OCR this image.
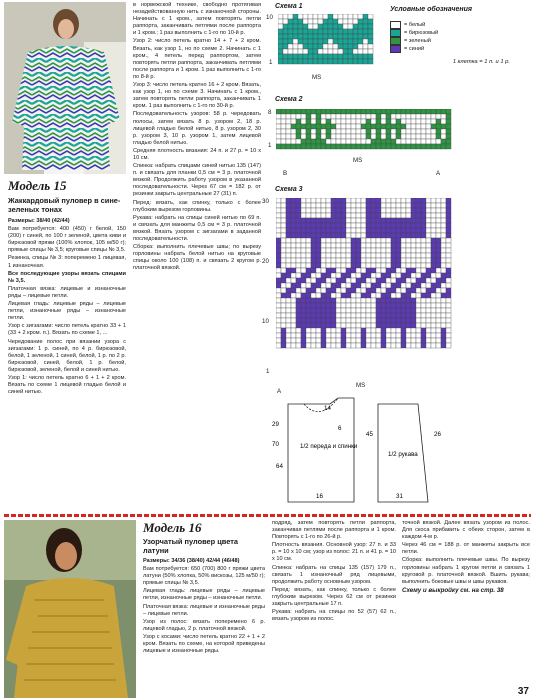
Модель 15
Жаккардовый пуловер в сине-зеленых тонах

Размеры: 38/40 (42/44)

Вам потребуется: 400 (450) г белой, 150 (200) г синей, по 100 г зеленой, цвета киви и бирюзовой пряжи (100% хлопок, 105 м/50 г); прямые спицы № 3,5; круговые спицы № 3,5.

Резинка, спицы № 3: поперемено 1 лицевая, 1 изнаночная.

Все последующие узоры вязать спицами № 3,5.

Платочная вязка: лицевые и изнаночные ряды – лицевые петли.

Лицевая гладь: лицевые ряды – лицевые петли, изнаночные ряды – изнаночные петли.

Узор с зигзагами: число петель кратно 33 + 1 (33 + 2 кром. п.). Вязать по схеме 1, ...

Чередование полос при вязании узора с зигзагами: 1 р. синей, по 4 р. бирюзовой, белой, 1 зеленой, 1 синей, белой, 1 р. по 2 р. бирюзовой, синей, белой, 1 р. белой, бирюзовой, зеленой, белой и синей нитью.

Узор 1: число петель кратно 6 + 1 + 2 кром. Вязать по схеме 1 лицевой гладью белой и синей нитью.

в норвежской технике, свободно протягивая незадействованную нить с изнаночной стороны. Начинать с 1 кром., затем повторять петли раппорта, заканчивать петлями после раппорта и 1 кром.; 1 раз выполнить с 1-го по 10-й р.

Узор 2: число петель кратно 14 + 7 + 2 кром. Вязать, как узор 1, но по схеме 2. Начинать с 1 кром., 4 петель перед раппортом, затем повторять петли раппорта, заканчивать петлями после раппорта и 1 кром. 1 раз выполнить с 1-го по 8-й р.

Узор 3: число петель кратно 16 + 2 кром. Вязать, как узор 1, но по схеме 3. Начинать с 1 кром., затем повторять петли раппорта, заканчивать 1 кром. 1 раз выполнить с 1-го по 30-й р.

Последовательность узоров: 58 р. чередовать полосы, затем вязать 8 р. узором 2, 18 р. лицевой гладью белой нитью, 8 р. узором 2, 30 р. узором 3, 10 р. узором 1, затем лицевой гладью белой нитью.

Средняя плотность вязания: 24 п. и 27 р. = 10 х 10 см.

Спинка: набрать спицами синей нитью 135 (147) п. и связать для планки 0,5 см = 3 р. платочной вязкой. Продолжить работу узором в указанной последовательности. Через 67 см = 182 р. от резинки закрыть центральные 27 (31) п.

Перед: вязать, как спинку, только с более глубоким вырезом горловины.

Рукава: набрать на спицы синей нитью по 69 п. и связать для манжеты 0,5 см = 3 р. платочной вязкой. Вязать узором с зигзагами в заданной последовательности.

Сборка: выполнить плечевые швы; по вырезу горловины набрать белой нитью на круговые спицы около 100 (108) п. и связать 2 кругом р. платочной вязкой.

Условные обозначения
= белый
= бирюзовый
= зеленый
= синий
1 клетка = 1 п. и 1 р.
Схема 1
10
1
MS
Схема 2
8
1
B
MS
A
Схема 3
30
20
10
1
A
MS
1/2 переда и спинки
1/2 рукава
29
14
70
64
6
45	26
16	31
Модель 16
Узорчатый пуловер цвета латуни

Размеры: 34/36 (38/40) 42/44 (46/48)

Вам потребуется: 650 (700) 800 г пряжи цвета латуни (50% хлопка, 50% вискозы, 125 м/50 г); прямые спицы № 3,5.

Лицевая гладь: лицевые ряды – лицевые петли, изнаночные ряды – изнаночные петли.

Платочная вязка: лицевые и изнаночные ряды – лицевые петли.

Узор из полос: вязать поперемено 6 р. лицевой гладью, 2 р. платочной вязкой.

Узор с косами: число петель кратно 22 + 1 + 2 кром. Вязать по схеме, на которой приведены лицевые и изнаночные ряды.

подряд, затем повторять петли раппорта, заканчивая петлями после раппорта и 1 кром. Повторять с 1-го по 26-й р.

Плотность вязания. Основной узор: 27 п. и 33 р. = 10 х 10 см; узор из полос: 21 п. и 41 р. = 10 х 10 см.

Спинка: набрать на спицы 135 (157) 179 п., связать 1 изнаночный ряд лицевыми, продолжить работу основным узором.

Перед: вязать, как спинку, только с более глубоким вырезом. Через 62 см от резинки закрыть центральные 17 п.

Рукава: набрать на спицы по 52 (57) 62 п., вязать узором из полос.

точной вязкой. Далее вязать узором из полос. Для скоса прибавить с обеих сторон, затем в каждом 4-м р.

Через 46 см = 188 р. от манжеты закрыть все петли.

Сборка: выполнить плечевые швы. По вырезу горловины набрать 1 кругом петли и связать 1 круговой р. платочной вязкой. Вшить рукава; выполнить боковые швы и швы рукавов.

Схему и выкройку см. на стр. 38

37
